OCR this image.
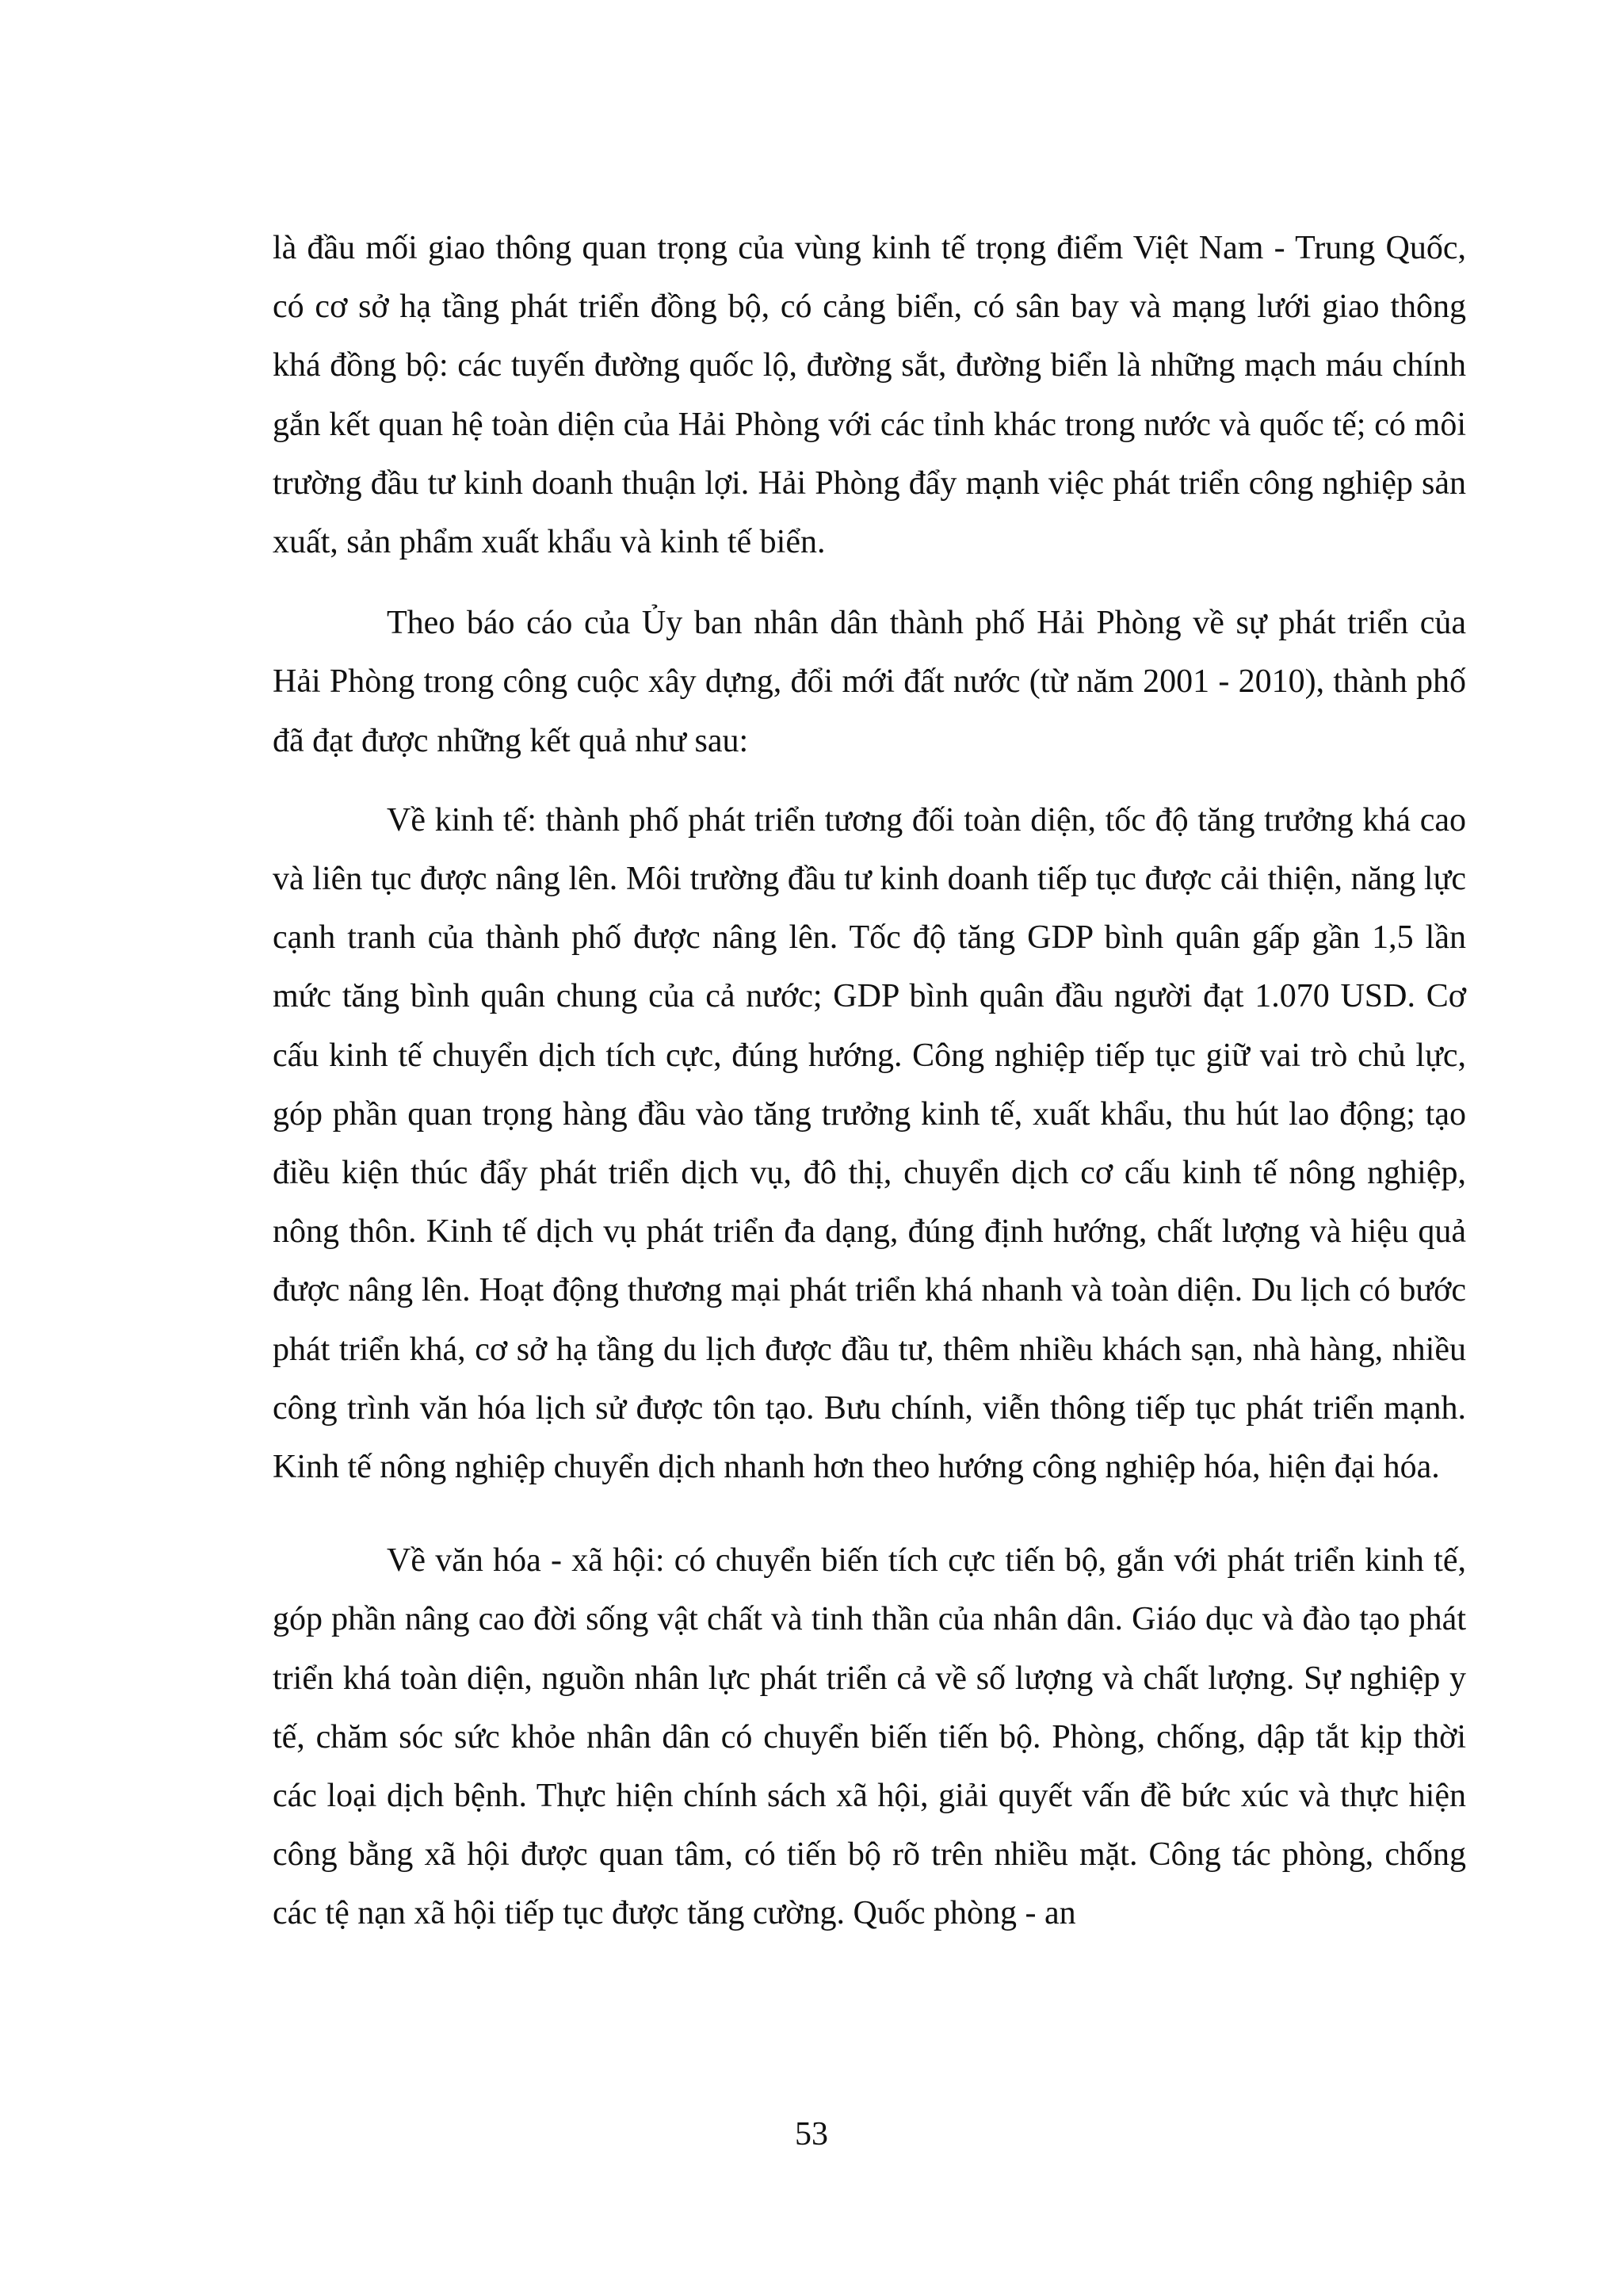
là đầu mối giao thông quan trọng của vùng kinh tế trọng điểm Việt Nam - Trung Quốc, có cơ sở hạ tầng phát triển đồng bộ, có cảng biển, có sân bay và mạng lưới giao thông khá đồng bộ: các tuyến đường quốc lộ, đường sắt, đường biển là những mạch máu chính gắn kết quan hệ toàn diện của Hải Phòng với các tỉnh khác trong nước và quốc tế; có môi trường đầu tư kinh doanh thuận lợi. Hải Phòng đẩy mạnh việc phát triển công nghiệp sản xuất, sản phẩm xuất khẩu và kinh tế biển.

Theo báo cáo của Ủy ban nhân dân thành phố Hải Phòng về sự phát triển của Hải Phòng trong công cuộc xây dựng, đổi mới đất nước (từ năm 2001 - 2010), thành phố đã đạt được những kết quả như sau:

Về kinh tế: thành phố phát triển tương đối toàn diện, tốc độ tăng trưởng khá cao và liên tục được nâng lên. Môi trường đầu tư kinh doanh tiếp tục được cải thiện, năng lực cạnh tranh của thành phố được nâng lên. Tốc độ tăng GDP bình quân gấp gần 1,5 lần mức tăng bình quân chung của cả nước; GDP bình quân đầu người đạt 1.070 USD. Cơ cấu kinh tế chuyển dịch tích cực, đúng hướng. Công nghiệp tiếp tục giữ vai trò chủ lực, góp phần quan trọng hàng đầu vào tăng trưởng kinh tế, xuất khẩu, thu hút lao động; tạo điều kiện thúc đẩy phát triển dịch vụ, đô thị, chuyển dịch cơ cấu kinh tế nông nghiệp, nông thôn. Kinh tế dịch vụ phát triển đa dạng, đúng định hướng, chất lượng và hiệu quả được nâng lên. Hoạt động thương mại phát triển khá nhanh và toàn diện. Du lịch có bước phát triển khá, cơ sở hạ tầng du lịch được đầu tư, thêm nhiều khách sạn, nhà hàng, nhiều công trình văn hóa lịch sử được tôn tạo. Bưu chính, viễn thông tiếp tục phát triển mạnh. Kinh tế nông nghiệp chuyển dịch nhanh hơn theo hướng công nghiệp hóa, hiện đại hóa.

Về văn hóa - xã hội: có chuyển biến tích cực tiến bộ, gắn với phát triển kinh tế, góp phần nâng cao đời sống vật chất và tinh thần của nhân dân. Giáo dục và đào tạo phát triển khá toàn diện, nguồn nhân lực phát triển cả về số lượng và chất lượng. Sự nghiệp y tế, chăm sóc sức khỏe nhân dân có chuyển biến tiến bộ. Phòng, chống, dập tắt kịp thời các loại dịch bệnh. Thực hiện chính sách xã hội, giải quyết vấn đề bức xúc và thực hiện công bằng xã hội được quan tâm, có tiến bộ rõ trên nhiều mặt. Công tác phòng, chống các tệ nạn xã hội tiếp tục được tăng cường. Quốc phòng - an

53
